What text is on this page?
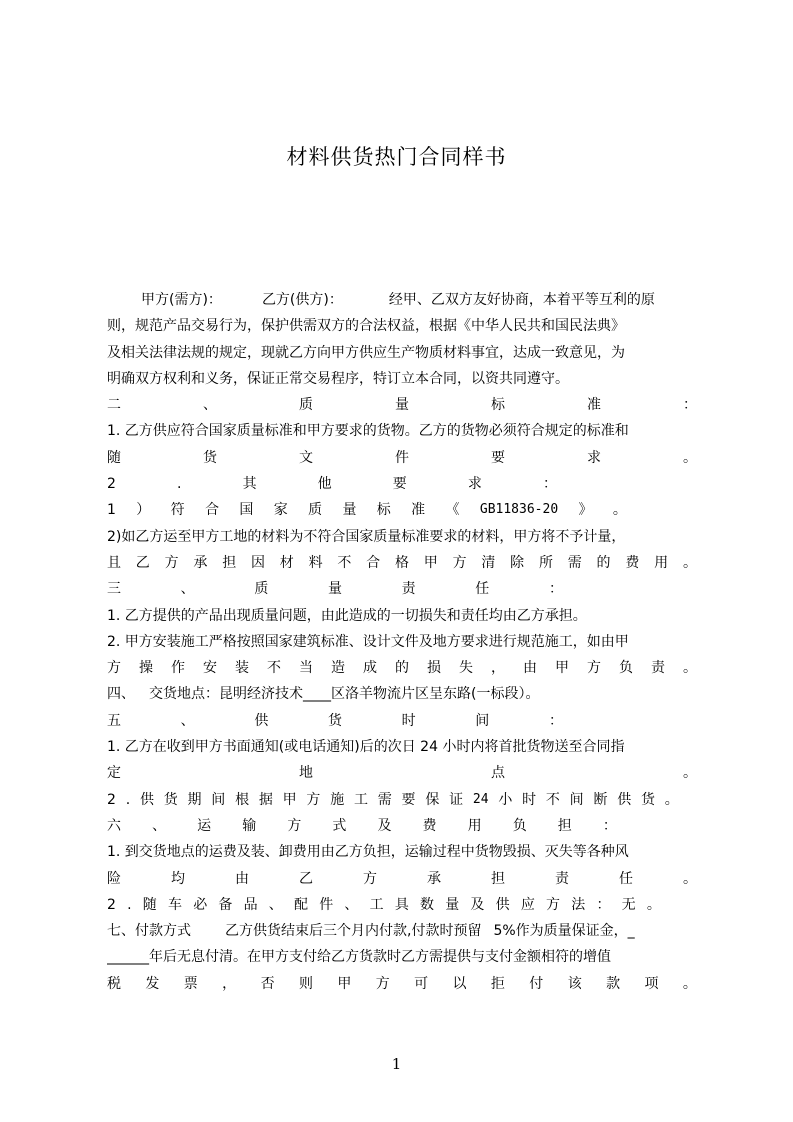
材料供货热门合同样书
甲方(需方)：	乙方(供方)：	经甲、乙双方友好协商，本着平等互利的原
则，规范产品交易行为，保护供需双方的合法权益，根据《中华人民共和国民法典》
及相关法律法规的规定，现就乙方向甲方供应生产物质材料事宜，达成一致意见，为
明确双方权利和义务，保证正常交易程序，特订立本合同，以资共同遵守。
二	、	质	量	标	准	：
1. 乙方供应符合国家质量标准和甲方要求的货物。乙方的货物必须符合规定的标准和
随	货	文	件	要	求	。
2	.	其	他	要	求	：
1 ） 符 合 国 家 质 量 标 准 《 GB11836-20 》 。
2)如乙方运至甲方工地的材料为不符合国家质量标准要求的材料，甲方将不予计量，
且 乙 方 承 担 因 材 料 不 合 格 甲 方 清 除 所 需 的 费 用 。
三	、	质	量	责	任	：
1. 乙方提供的产品出现质量问题，由此造成的一切损失和责任均由乙方承担。
2. 甲方安装施工严格按照国家建筑标准、设计文件及地方要求进行规范施工，如由甲
方 操 作 安 装 不 当 造 成 的 损 失 ， 由 甲 方 负 责 。
四、 交货地点：昆明经济技术____区洛羊物流片区呈东路(一标段）。
五	、	供	货	时	间	：
1. 乙方在收到甲方书面通知(或电话通知)后的次日 24 小时内将首批货物送至合同指
定	地	点	。
2 . 供 货 期 间 根 据 甲 方 施 工 需 要 保 证 24 小 时 不 间 断 供 货 。
六 、 运 输 方 式 及 费 用 负 担 ：
1. 到交货地点的运费及装、卸费用由乙方负担，运输过程中货物毁损、灭失等各种风
险	均	由	乙	方	承	担	责	任	。
2 . 随 车 必 备 品 、 配 件 、 工 具 数 量 及 供 应 方 法 ： 无 。
七、付款方式 乙方供货结束后三个月内付款,付款时预留 5%作为质量保证金，_
______年后无息付清。在甲方支付给乙方货款时乙方需提供与支付金额相符的增值
税 发 票 ， 否 则 甲 方 可 以 拒 付 该 款 项 。
1
